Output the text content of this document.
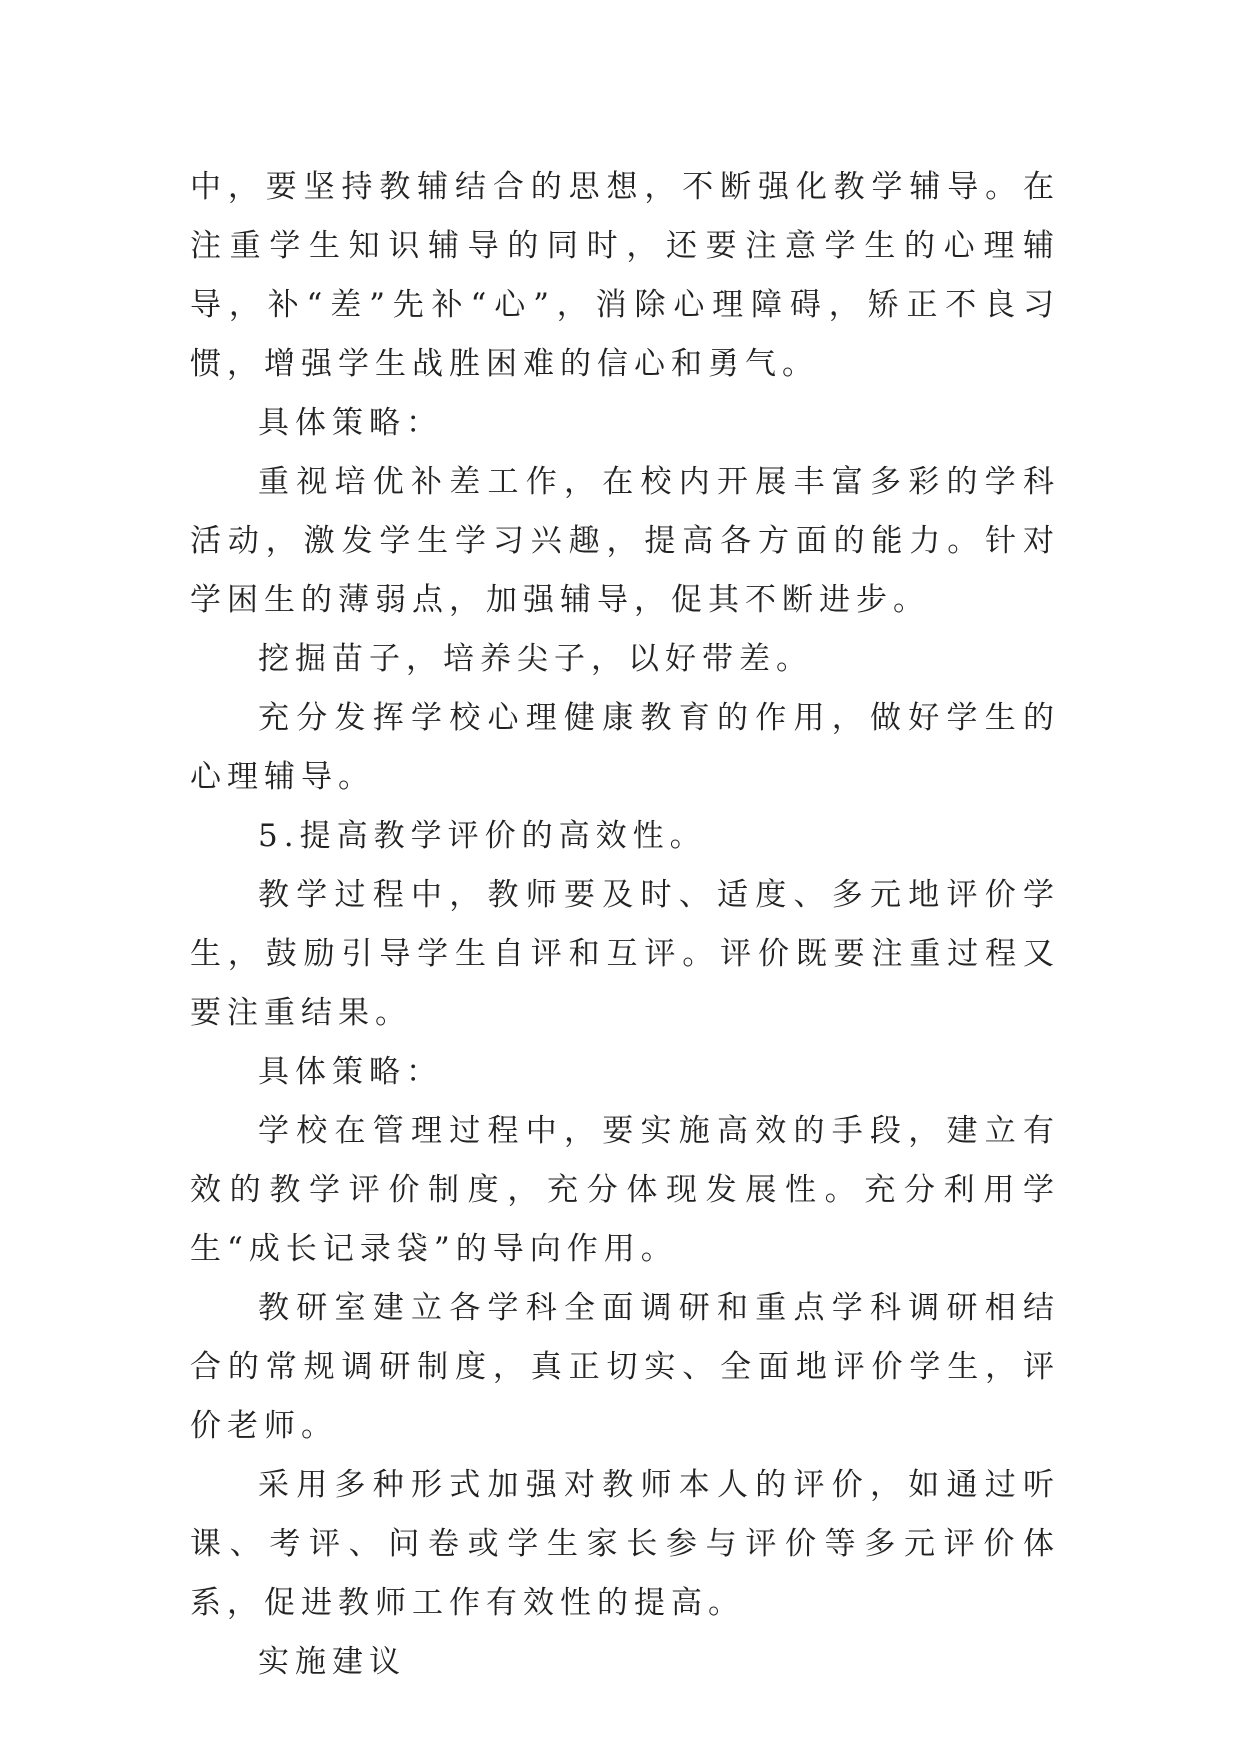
中，要坚持教辅结合的思想，不断强化教学辅导。在注重学生知识辅导的同时，还要注意学生的心理辅导，补“差”先补“心”，消除心理障碍，矫正不良习惯，增强学生战胜困难的信心和勇气。

具体策略：

重视培优补差工作，在校内开展丰富多彩的学科活动，激发学生学习兴趣，提高各方面的能力。针对学困生的薄弱点，加强辅导，促其不断进步。

挖掘苗子，培养尖子，以好带差。

充分发挥学校心理健康教育的作用，做好学生的心理辅导。

5.提高教学评价的高效性。

教学过程中，教师要及时、适度、多元地评价学生，鼓励引导学生自评和互评。评价既要注重过程又要注重结果。

具体策略：

学校在管理过程中，要实施高效的手段，建立有效的教学评价制度，充分体现发展性。充分利用学生“成长记录袋”的导向作用。

教研室建立各学科全面调研和重点学科调研相结合的常规调研制度，真正切实、全面地评价学生，评价老师。

采用多种形式加强对教师本人的评价，如通过听课、考评、问卷或学生家长参与评价等多元评价体系，促进教师工作有效性的提高。

实施建议
